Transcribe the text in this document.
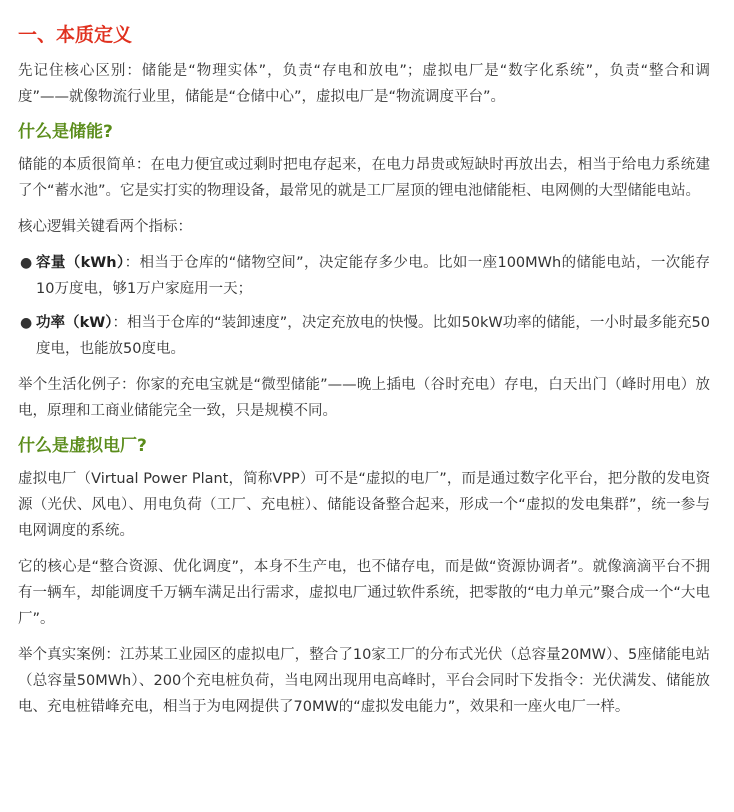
一、本质定义

先记住核心区别：储能是“物理实体”，负责“存电和放电”；虚拟电厂是“数字化系统”，负责“整合和调度”——就像物流行业里，储能是“仓储中心”，虚拟电厂是“物流调度平台”。

什么是储能?

储能的本质很简单：在电力便宜或过剩时把电存起来，在电力昂贵或短缺时再放出去，相当于给电力系统建了个“蓄水池”。它是实打实的物理设备，最常见的就是工厂屋顶的锂电池储能柜、电网侧的大型储能电站。

核心逻辑关键看两个指标：

● 容量（kWh）：相当于仓库的“储物空间”，决定能存多少电。比如一座100MWh的储能电站，一次能存10万度电，够1万户家庭用一天；
● 功率（kW）：相当于仓库的“装卸速度”，决定充放电的快慢。比如50kW功率的储能，一小时最多能充50度电，也能放50度电。

举个生活化例子：你家的充电宝就是“微型储能”——晚上插电（谷时充电）存电，白天出门（峰时用电）放电，原理和工商业储能完全一致，只是规模不同。

什么是虚拟电厂?

虚拟电厂（Virtual Power Plant，简称VPP）可不是“虚拟的电厂”，而是通过数字化平台，把分散的发电资源（光伏、风电）、用电负荷（工厂、充电桩）、储能设备整合起来，形成一个“虚拟的发电集群”，统一参与电网调度的系统。

它的核心是“整合资源、优化调度”，本身不生产电，也不储存电，而是做“资源协调者”。就像滴滴平台不拥有一辆车，却能调度千万辆车满足出行需求，虚拟电厂通过软件系统，把零散的“电力单元”聚合成一个“大电厂”。

举个真实案例：江苏某工业园区的虚拟电厂，整合了10家工厂的分布式光伏（总容量20MW）、5座储能电站（总容量50MWh）、200个充电桩负荷，当电网出现用电高峰时，平台会同时下发指令：光伏满发、储能放电、充电桩错峰充电，相当于为电网提供了70MW的“虚拟发电能力”，效果和一座火电厂一样。
